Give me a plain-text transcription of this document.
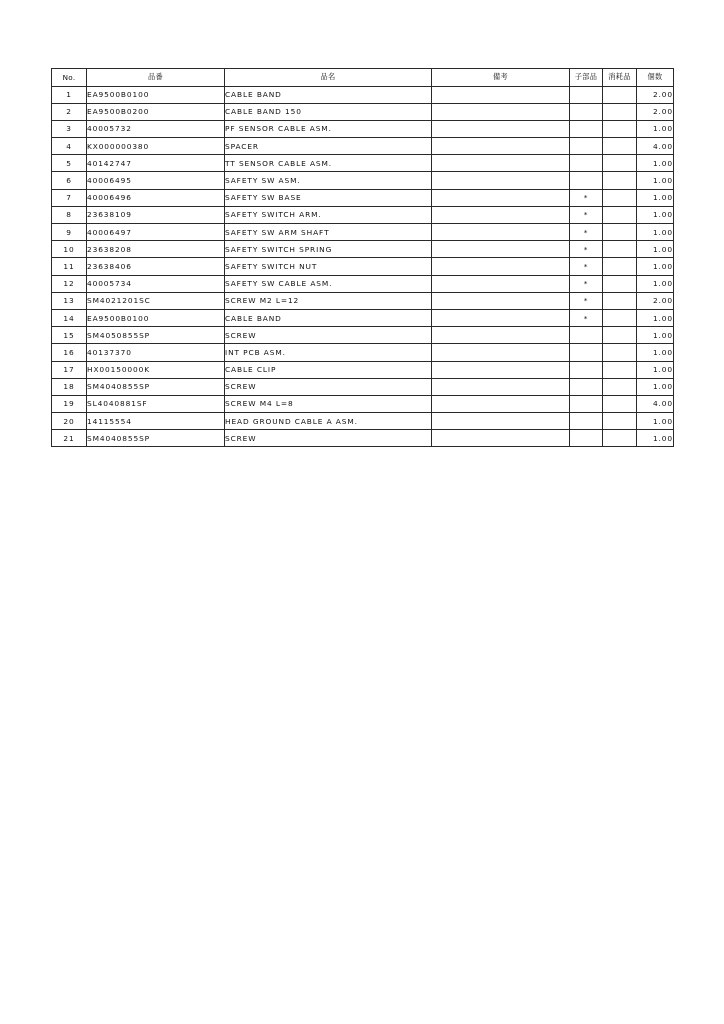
No.	品番	品名	備考	子部品	消耗品	個数
1	EA9500B0100	CABLE BAND				2.00
2	EA9500B0200	CABLE BAND 150				2.00
3	40005732	PF SENSOR CABLE ASM.				1.00
4	KX000000380	SPACER				4.00
5	40142747	TT SENSOR CABLE ASM.				1.00
6	40006495	SAFETY SW ASM.				1.00
7	40006496	SAFETY SW BASE		*		1.00
8	23638109	SAFETY SWITCH ARM.		*		1.00
9	40006497	SAFETY SW ARM SHAFT		*		1.00
10	23638208	SAFETY SWITCH SPRING		*		1.00
11	23638406	SAFETY SWITCH NUT		*		1.00
12	40005734	SAFETY SW CABLE ASM.		*		1.00
13	SM4021201SC	SCREW M2 L=12		*		2.00
14	EA9500B0100	CABLE BAND		*		1.00
15	SM4050855SP	SCREW				1.00
16	40137370	INT PCB ASM.				1.00
17	HX00150000K	CABLE CLIP				1.00
18	SM4040855SP	SCREW				1.00
19	SL4040881SF	SCREW M4 L=8				4.00
20	14115554	HEAD GROUND CABLE A ASM.				1.00
21	SM4040855SP	SCREW				1.00
